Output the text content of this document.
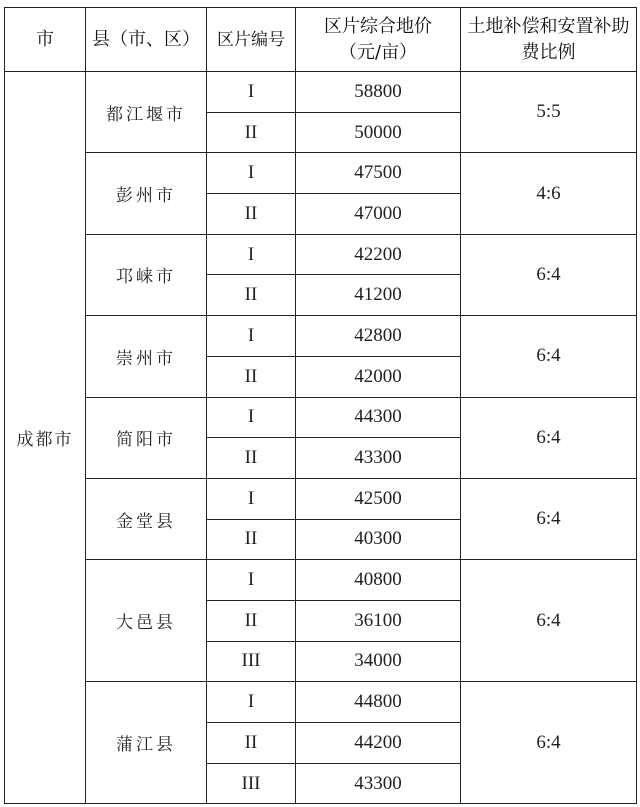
市	县（市、区）	区片编号	区片综合地价（元/亩）	土地补偿和安置补助费比例
成都市	都江堰市	I	58800	5:5
		II	50000	
	彭州市	I	47500	4:6
		II	47000	
	邛崃市	I	42200	6:4
		II	41200	
	崇州市	I	42800	6:4
		II	42000	
	简阳市	I	44300	6:4
		II	43300	
	金堂县	I	42500	6:4
		II	40300	
	大邑县	I	40800	6:4
		II	36100	
		III	34000	
	蒲江县	I	44800	6:4
		II	44200	
		III	43300	
